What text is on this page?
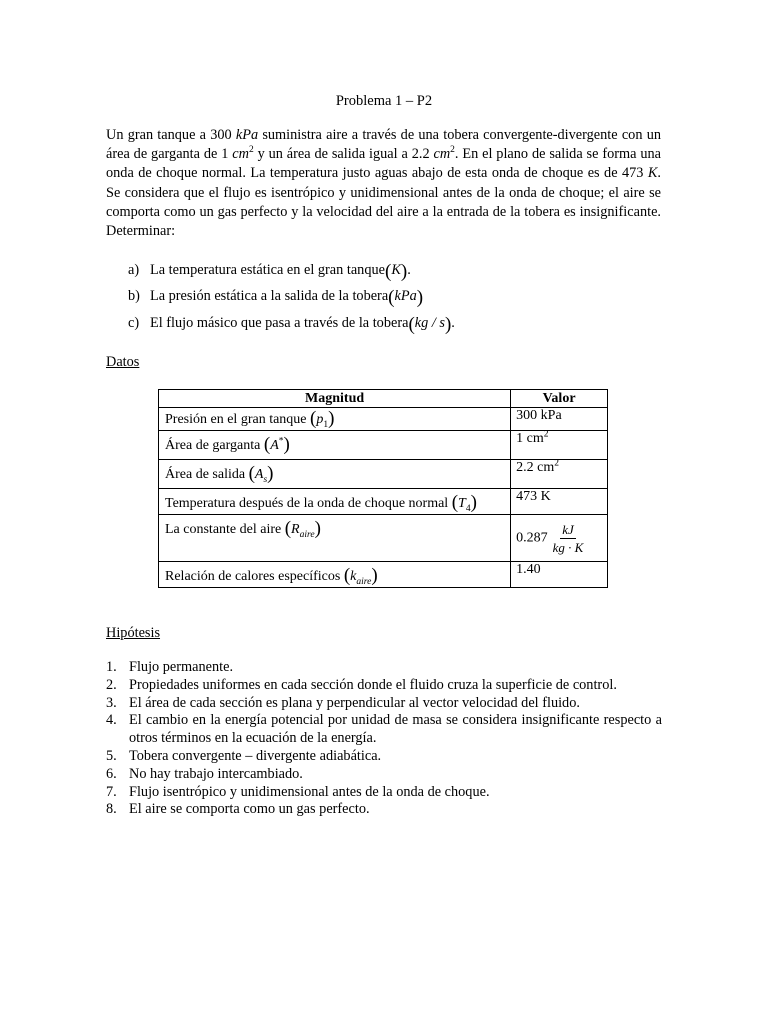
Problema 1 – P2

Un gran tanque a 300 kPa suministra aire a través de una tobera convergente-divergente con un área de garganta de 1 $cm^2$ y un área de salida igual a 2.2 $cm^2$. En el plano de salida se forma una onda de choque normal. La temperatura justo aguas abajo de esta onda de choque es de 473 K. Se considera que el flujo es isentrópico y unidimensional antes de la onda de choque; el aire se comporta como un gas perfecto y la velocidad del aire a la entrada de la tobera es insignificante. Determinar:

a) La temperatura estática en el gran tanque ( K ) .
b) La presión estática a la salida de la tobera ( kPa )
c) El flujo másico que pasa a través de la tobera ( kg / s ) .
Datos
Magnitud	Valor
Presión en el gran tanque $(p_1)$	300 kPa
Área de garganta (A*)	1 $cm^2$
Área de salida $(A_s)$	2.2 $cm^2$
Temperatura después de la onda de choque normal $(T_4)$	473 K
La constante del aire $(R_{aire})$	$0.287 \frac{kJ}{kg \cdot K}$

Relación de calores específicos $(k_{aire})$	1.40
Hipótesis
1. Flujo permanente.
2. Propiedades uniformes en cada sección donde el fluido cruza la superficie de control.
3. El área de cada sección es plana y perpendicular al vector velocidad del fluido.
4. El cambio en la energía potencial por unidad de masa se considera insignificante respecto a otros términos en la ecuación de la energía.
5. Tobera convergente – divergente adiabática.
6. No hay trabajo intercambiado.
7. Flujo isentrópico y unidimensional antes de la onda de choque.
8. El aire se comporta como un gas perfecto.
